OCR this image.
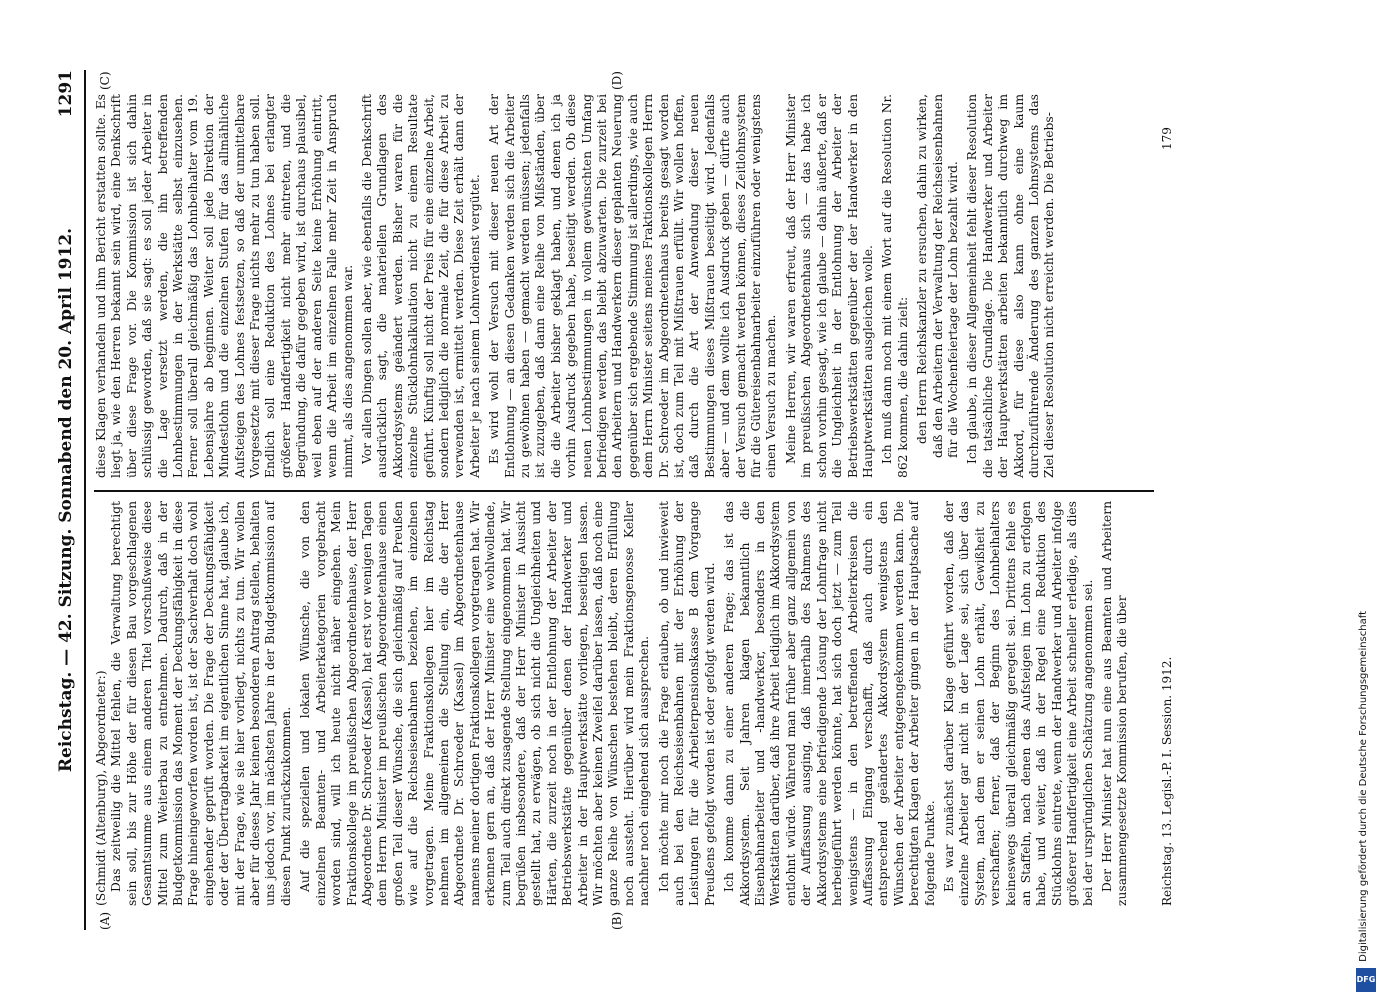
1291
Reichstag. — 42. Sitzung. Sonnabend den 20. April 1912.
(A)	(B)
(C)	(D)

(Schmidt (Altenburg), Abgeordneter:) Das zeitweilig die Mittel fehlen, die Verwaltung berechtigt sein soll, bis zur Höhe der für diesen Bau vorgeschlagenen Gesamtsumme aus einem anderen Titel vorschußweise diese Mittel zum Weiterbau zu entnehmen. Dadurch, daß in der Budgetkommission das Moment der Deckungsfähigkeit in diese Frage hineingeworfen worden ist, ist der Sachverhalt doch wohl eingehender geprüft worden. Die Frage der Deckungsfähigkeit oder der Übertragbarkeit im eigentlichen Sinne hat, glaube ich, mit der Frage, wie sie hier vorliegt, nichts zu tun. Wir wollen aber für dieses Jahr keinen besonderen Antrag stellen, behalten uns jedoch vor, im nächsten Jahre in der Budgetkommission auf diesen Punkt zurückzukommen. Auf die speziellen und lokalen Wünsche, die von den einzelnen Beamten- und Arbeiterkategorien vorgebracht worden sind, will ich heute nicht näher eingehen. Mein Fraktionskollege im preußischen Abgeordnetenhause, der Herr Abgeordnete Dr. Schroeder (Kassel), hat erst vor wenigen Tagen dem Herrn Minister im preußischen Abgeordnetenhause einen großen Teil dieser Wünsche, die sich gleichmäßig auf Preußen wie auf die Reichseisenbahnen beziehen, im einzelnen vorgetragen. Meine Fraktionskollegen hier im Reichstag nehmen im allgemeinen die Stellung ein, die der Herr Abgeordnete Dr. Schroeder (Kassel) im Abgeordnetenhause namens meiner dortigen Fraktionskollegen vorgetragen hat. Wir erkennen gern an, daß der Herr Minister eine wohlwollende, zum Teil auch direkt zusagende Stellung eingenommen hat. Wir begrüßen insbesondere, daß der Herr Minister in Aussicht gestellt hat, zu erwägen, ob sich nicht die Ungleichheiten und Härten, die zurzeit noch in der Entlohnung der Arbeiter der Betriebswerkstätte gegenüber denen der Handwerker und Arbeiter in der Hauptwerkstätte vorliegen, beseitigen lassen. Wir möchten aber keinen Zweifel darüber lassen, daß noch eine ganze Reihe von Wünschen bestehen bleibt, deren Erfüllung noch aussteht. Hierüber wird mein Fraktionsgenosse Keller nachher noch eingehend sich aussprechen. Ich möchte mir noch die Frage erlauben, ob und inwieweit auch bei den Reichseisenbahnen mit der Erhöhung der Leistungen für die Arbeiterpensionskasse B dem Vorgange Preußens gefolgt worden ist oder gefolgt werden wird. Ich komme dann zu einer anderen Frage; das ist das Akkordsystem. Seit Jahren klagen bekanntlich die Eisenbahnarbeiter und -handwerker, besonders in den Werkstätten darüber, daß ihre Arbeit lediglich im Akkordsystem entlohnt würde. Während man früher aber ganz allgemein von der Auffassung ausging, daß innerhalb des Rahmens des Akkordsystems eine befriedigende Lösung der Lohnfrage nicht herbeigeführt werden könnte, hat sich doch jetzt — zum Teil wenigstens — in den betreffenden Arbeiterkreisen die Auffassung Eingang verschafft, daß auch durch ein entsprechend geändertes Akkordsystem wenigstens den Wünschen der Arbeiter entgegengekommen werden kann. Die berechtigten Klagen der Arbeiter gingen in der Hauptsache auf folgende Punkte. Es war zunächst darüber Klage geführt worden, daß der einzelne Arbeiter gar nicht in der Lage sei, sich über das System, nach dem er seinen Lohn erhält, Gewißheit zu verschaffen; ferner, daß der Beginn des Lohnbeihalters keineswegs überall gleichmäßig geregelt sei. Drittens fehle es an Staffeln, nach denen das Aufsteigen im Lohn zu erfolgen habe, und weiter, daß in der Regel eine Reduktion des Stücklohns eintrete, wenn der Handwerker und Arbeiter infolge größerer Handfertigkeit eine Arbeit schneller erledige, als dies bei der ursprünglichen Schätzung angenommen sei. Der Herr Minister hat nun eine aus Beamten und Arbeitern zusammengesetzte Kommission berufen, die über

diese Klagen verhandeln und ihm Bericht erstatten sollte. Es liegt ja, wie den Herren bekannt sein wird, eine Denkschrift über diese Frage vor. Die Kommission ist sich dahin schlüssig geworden, daß sie sagt: es soll jeder Arbeiter in die Lage versetzt werden, die ihn betreffenden Lohnbestimmungen in der Werkstätte selbst einzusehen. Ferner soll überall gleichmäßig das Lohnbeihalter vom 19. Lebensjahre ab beginnen. Weiter soll jede Direktion der Mindestlohn und die einzelnen Stufen für das allmähliche Aufsteigen des Lohnes festsetzen, so daß der unmittelbare Vorgesetzte mit dieser Frage nichts mehr zu tun haben soll. Endlich soll eine Reduktion des Lohnes bei erlangter größerer Handfertigkeit nicht mehr eintreten, und die Begründung, die dafür gegeben wird, ist durchaus plausibel, weil eben auf der anderen Seite keine Erhöhung eintritt, wenn die Arbeit im einzelnen Falle mehr Zeit in Anspruch nimmt, als dies angenommen war. Vor allen Dingen sollen aber, wie ebenfalls die Denkschrift ausdrücklich sagt, die materiellen Grundlagen des Akkordsystems geändert werden. Bisher waren für die einzelne Stücklohnkalkulation nicht zu einem Resultate geführt. Künftig soll nicht der Preis für eine einzelne Arbeit, sondern lediglich die normale Zeit, die für diese Arbeit zu verwenden ist, ermittelt werden. Diese Zeit erhält dann der Arbeiter je nach seinem Lohnverdienst vergütet. Es wird wohl der Versuch mit dieser neuen Art der Entlohnung — an diesen Gedanken werden sich die Arbeiter zu gewöhnen haben — gemacht werden müssen; jedenfalls ist zuzugeben, daß dann eine Reihe von Mißständen, über die die Arbeiter bisher geklagt haben, und denen ich ja vorhin Ausdruck gegeben habe, beseitigt werden. Ob diese neuen Lohnbestimmungen in vollem gewünschten Umfang befriedigen werden, das bleibt abzuwarten. Die zurzeit bei den Arbeitern und Handwerkern dieser geplanten Neuerung gegenüber sich ergebende Stimmung ist allerdings, wie auch dem Herrn Minister seitens meines Fraktionskollegen Herrn Dr. Schroeder im Abgeordnetenhaus bereits gesagt worden ist, doch zum Teil mit Mißtrauen erfüllt. Wir wollen hoffen, daß durch die Art der Anwendung dieser neuen Bestimmungen dieses Mißtrauen beseitigt wird. Jedenfalls aber — und dem wollte ich Ausdruck geben — dürfte auch der Versuch gemacht werden können, dieses Zeitlohnsystem für die Gütereisenbahnarbeiter einzuführen oder wenigstens einen Versuch zu machen. Meine Herren, wir waren erfreut, daß der Herr Minister im preußischen Abgeordnetenhaus sich — das habe ich schon vorhin gesagt, wie ich glaube — dahin äußerte, daß er die Ungleichheit in der Entlohnung der Arbeiter der Betriebswerkstätten gegenüber der der Handwerker in den Hauptwerkstätten ausgleichen wolle. Ich muß dann noch mit einem Wort auf die Resolution Nr. 862 kommen, die dahin zielt: den Herrn Reichskanzler zu ersuchen, dahin zu wirken, daß den Arbeitern der Verwaltung der Reichseisenbahnen für die Wochenfeiertage der Lohn bezahlt wird. Ich glaube, in dieser Allgemeinheit fehlt dieser Resolution die tatsächliche Grundlage. Die Handwerker und Arbeiter der Hauptwerkstätten arbeiten bekanntlich durchweg im Akkord, für diese also kann ohne eine kaum durchzuführende Änderung des ganzen Lohnsystems das Ziel dieser Resolution nicht erreicht werden. Die Betriebs-

Reichstag. 13. Legisl.-P. I. Session. 1912.
179
Digitalisierung gefördert durch die Deutsche Forschungsgemeinschaft
DFG
